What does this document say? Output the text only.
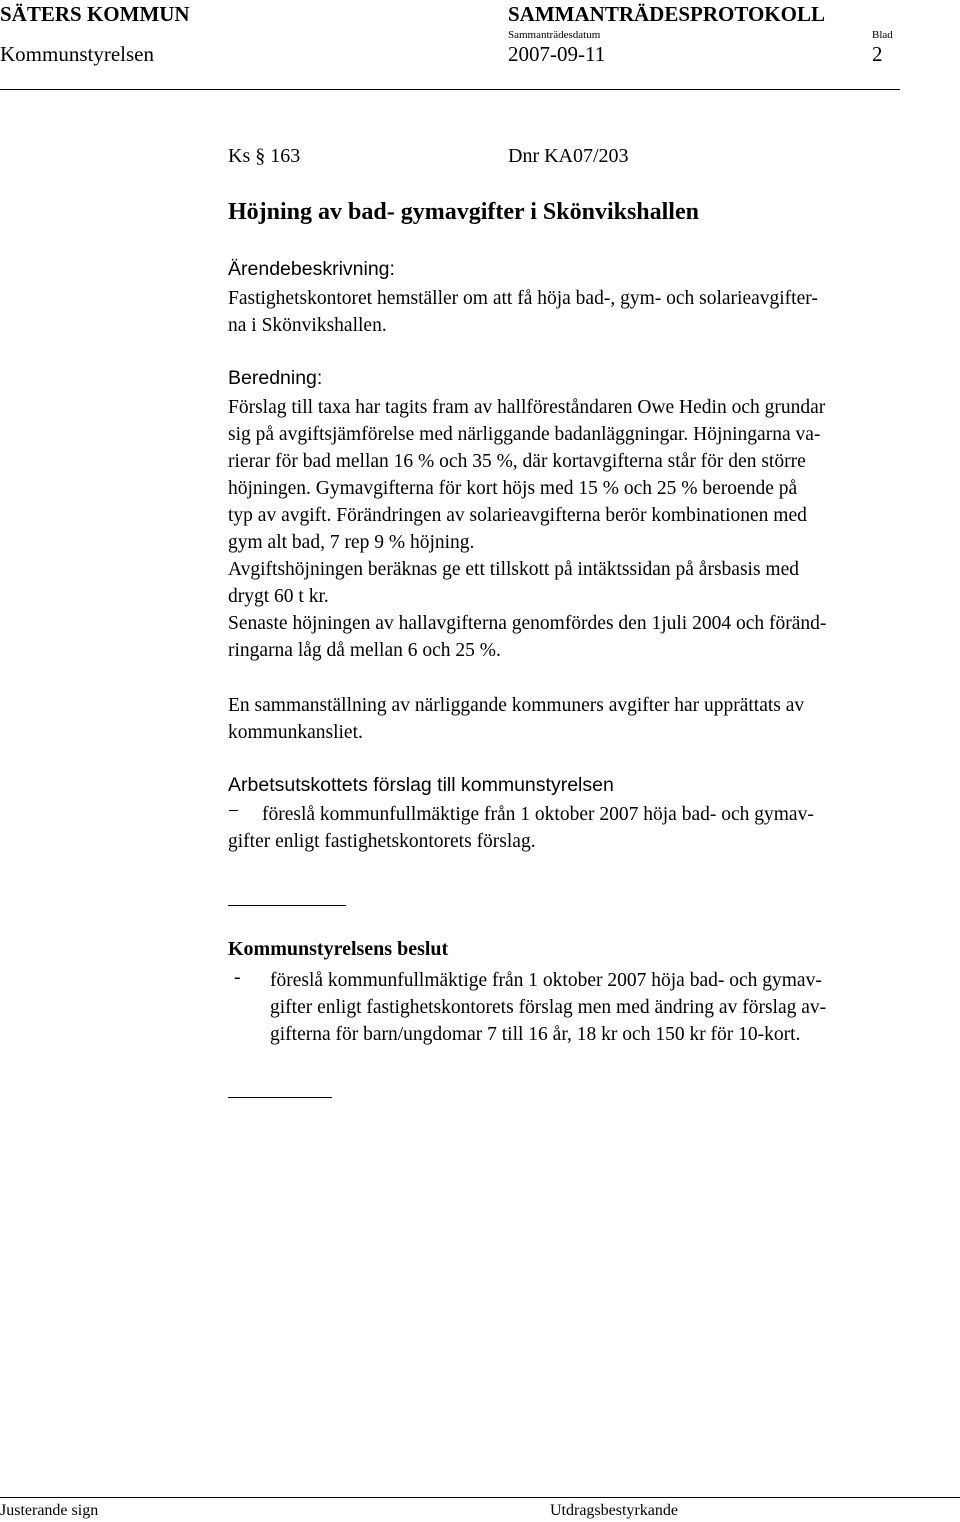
SÄTERS KOMMUN	SAMMANTRÄDESPROTOKOLL
Sammanträdesdatum	Blad
Kommunstyrelsen	2007-09-11	2
Ks § 163	Dnr KA07/203
Höjning av bad- gymavgifter i Skönvikshallen
Ärendebeskrivning:
Fastighetskontoret hemställer om att få höja bad-, gym- och solarieavgifter-
na i Skönvikshallen.
Beredning:
Förslag till taxa har tagits fram av hallföreståndaren Owe Hedin och grundar
sig på avgiftsjämförelse med närliggande badanläggningar. Höjningarna va-
rierar för bad mellan 16 % och 35 %, där kortavgifterna står för den större
höjningen. Gymavgifterna för kort höjs med 15 % och 25 % beroende på
typ av avgift. Förändringen av solarieavgifterna berör kombinationen med
gym alt bad, 7 rep 9 % höjning.
Avgiftshöjningen beräknas ge ett tillskott på intäktssidan på årsbasis med
drygt 60 t kr.
Senaste höjningen av hallavgifterna genomfördes den 1juli 2004 och föränd-
ringarna låg då mellan 6 och 25 %.
En sammanställning av närliggande kommuners avgifter har upprättats av
kommunkansliet.
Arbetsutskottets förslag till kommunstyrelsen
−	föreslå kommunfullmäktige från 1 oktober 2007 höja bad- och gymav-
gifter enligt fastighetskontorets förslag.
Kommunstyrelsens beslut
- föreslå kommunfullmäktige från 1 oktober 2007 höja bad- och gymav-
gifter enligt fastighetskontorets förslag men med ändring av förslag av-
gifterna för barn/ungdomar 7 till 16 år, 18 kr och 150 kr för 10-kort.
Justerande sign	Utdragsbestyrkande
